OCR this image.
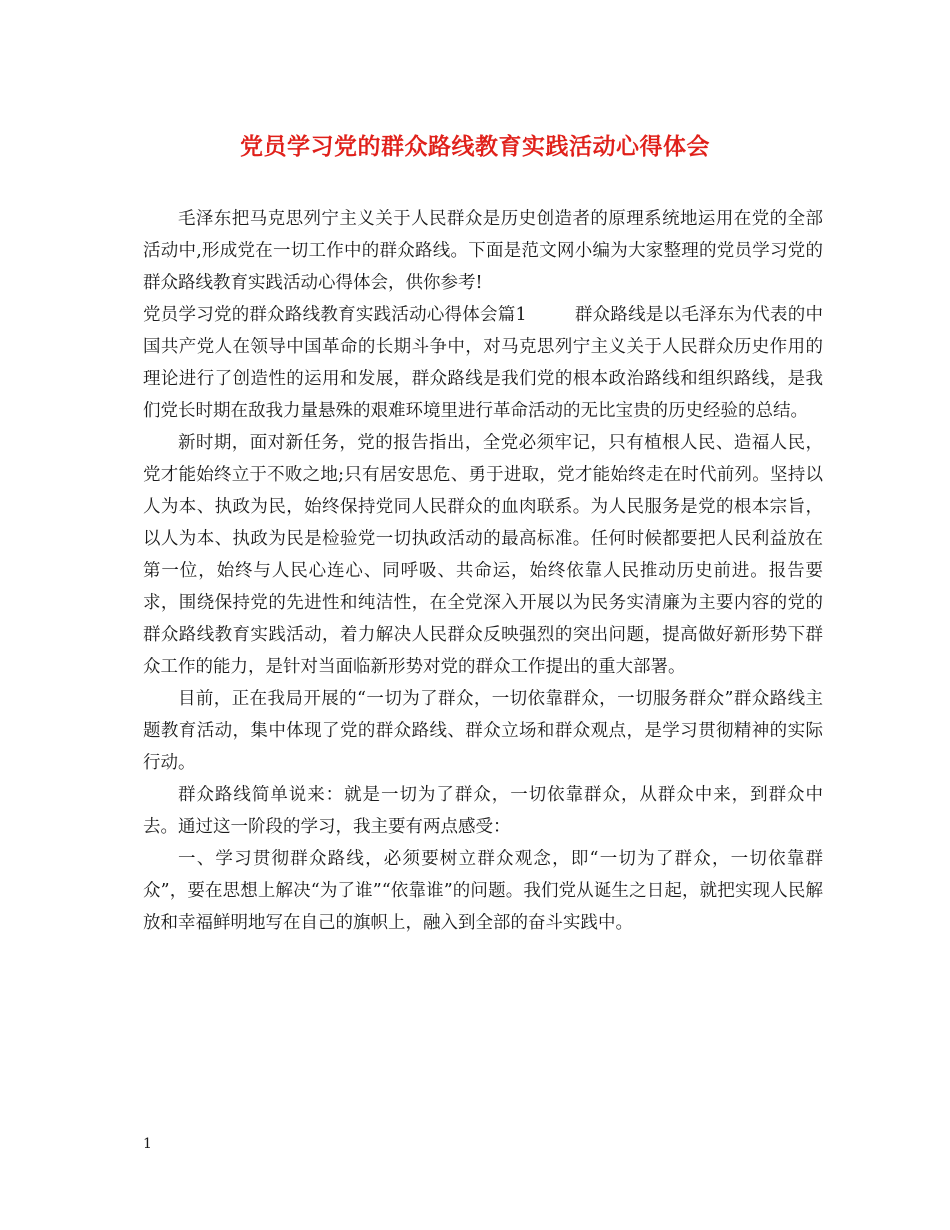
党员学习党的群众路线教育实践活动心得体会

毛泽东把马克思列宁主义关于人民群众是历史创造者的原理系统地运用在党的全部活动中,形成党在一切工作中的群众路线。下面是范文网小编为大家整理的党员学习党的群众路线教育实践活动心得体会，供你参考!

党员学习党的群众路线教育实践活动心得体会篇1	群众路线是以毛泽东为代表的中国共产党人在领导中国革命的长期斗争中，对马克思列宁主义关于人民群众历史作用的理论进行了创造性的运用和发展，群众路线是我们党的根本政治路线和组织路线，是我们党长时期在敌我力量悬殊的艰难环境里进行革命活动的无比宝贵的历史经验的总结。

新时期，面对新任务，党的报告指出，全党必须牢记，只有植根人民、造福人民，党才能始终立于不败之地;只有居安思危、勇于进取，党才能始终走在时代前列。坚持以人为本、执政为民，始终保持党同人民群众的血肉联系。为人民服务是党的根本宗旨，以人为本、执政为民是检验党一切执政活动的最高标准。任何时候都要把人民利益放在第一位，始终与人民心连心、同呼吸、共命运，始终依靠人民推动历史前进。报告要求，围绕保持党的先进性和纯洁性，在全党深入开展以为民务实清廉为主要内容的党的群众路线教育实践活动，着力解决人民群众反映强烈的突出问题，提高做好新形势下群众工作的能力，是针对当面临新形势对党的群众工作提出的重大部署。

目前，正在我局开展的“一切为了群众，一切依靠群众，一切服务群众”群众路线主题教育活动，集中体现了党的群众路线、群众立场和群众观点，是学习贯彻精神的实际行动。

群众路线简单说来：就是一切为了群众，一切依靠群众，从群众中来，到群众中去。通过这一阶段的学习，我主要有两点感受：

一、学习贯彻群众路线，必须要树立群众观念，即“一切为了群众，一切依靠群众”，要在思想上解决“为了谁”“依靠谁”的问题。我们党从诞生之日起，就把实现人民解放和幸福鲜明地写在自己的旗帜上，融入到全部的奋斗实践中。

1
